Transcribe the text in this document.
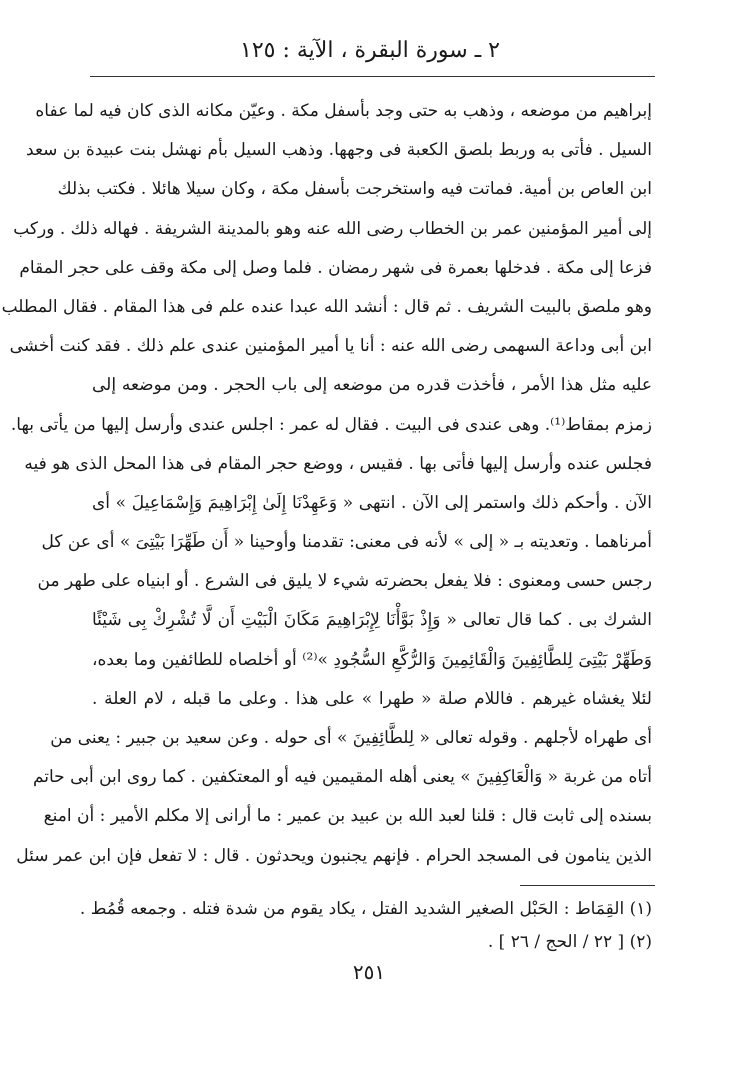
٢ ـ سورة البقرة ، الآية : ١٢٥
إبراهيم من موضعه ، وذهب به حتى وجد بأسفل مكة . وعيّن مكانه الذى كان فيه لما عفاه
السيل . فأتى به وربط بلصق الكعبة فى وجهها. وذهب السيل بأم نهشل بنت عبيدة بن سعد
ابن العاص بن أمية. فماتت فيه واستخرجت بأسفل مكة ، وكان سيلا هائلا . فكتب بذلك
إلى أمير المؤمنين عمر بن الخطاب رضى الله عنه وهو بالمدينة الشريفة . فهاله ذلك . وركب
فزعا إلى مكة . فدخلها بعمرة فى شهر رمضان . فلما وصل إلى مكة وقف على حجر المقام
وهو ملصق بالبيت الشريف . ثم قال : أنشد الله عبدا عنده علم فى هذا المقام . فقال المطلب
ابن أبى وداعة السهمى رضى الله عنه : أنا يا أمير المؤمنين عندى علم ذلك . فقد كنت أخشى
عليه مثل هذا الأمر ، فأخذت قدره من موضعه إلى باب الحجر . ومن موضعه إلى
زمزم بمقاط⁽¹⁾. وهى عندى فى البيت . فقال له عمر : اجلس عندى وأرسل إليها من يأتى بها.
فجلس عنده وأرسل إليها فأتى بها . فقيس ، ووضع حجر المقام فى هذا المحل الذى هو فيه
الآن . وأحكم ذلك واستمر إلى الآن . انتهى « وَعَهِدْنَا إِلَىٰ إِبْرَاهِيمَ وَإِسْمَاعِيلَ » أى
أمرناهما . وتعديته بـ « إلى » لأنه فى معنى: تقدمنا وأوحينا « أَن طَهِّرَا بَيْتِىَ » أى عن كل
رجس حسى ومعنوى : فلا يفعل بحضرته شيء لا يليق فى الشرع . أو ابنياه على طهر من
الشرك بى . كما قال تعالى « وَإِذْ بَوَّأْنَا لِإِبْرَاهِيمَ مَكَانَ الْبَيْتِ أَن لَّا تُشْرِكْ بِى شَيْئًا
وَطَهِّرْ بَيْتِىَ لِلطَّائِفِينَ وَالْقَائِمِينَ وَالرُّكَّعِ السُّجُودِ »⁽²⁾ أو أخلصاه للطائفين وما بعده،
لئلا يغشاه غيرهم . فاللام صلة « طهرا » على هذا . وعلى ما قبله ، لام العلة .
أى طهراه لأجلهم . وقوله تعالى « لِلطَّائِفِينَ » أى حوله . وعن سعيد بن جبير : يعنى من
أتاه من غربة « وَالْعَاكِفِينَ » يعنى أهله المقيمين فيه أو المعتكفين . كما روى ابن أبى حاتم
بسنده إلى ثابت قال : قلنا لعبد الله بن عبيد بن عمير : ما أرانى إلا مكلم الأمير : أن امنع
الذين ينامون فى المسجد الحرام . فإنهم يجنبون ويحدثون . قال : لا تفعل فإن ابن عمر سئل
(١) القِمَاط : الحَبْل الصغير الشديد الفتل ، يكاد يقوم من شدة فتله . وجمعه قُمُط .
(٢) [ ٢٢ / الحج / ٢٦ ] .
٢٥١
